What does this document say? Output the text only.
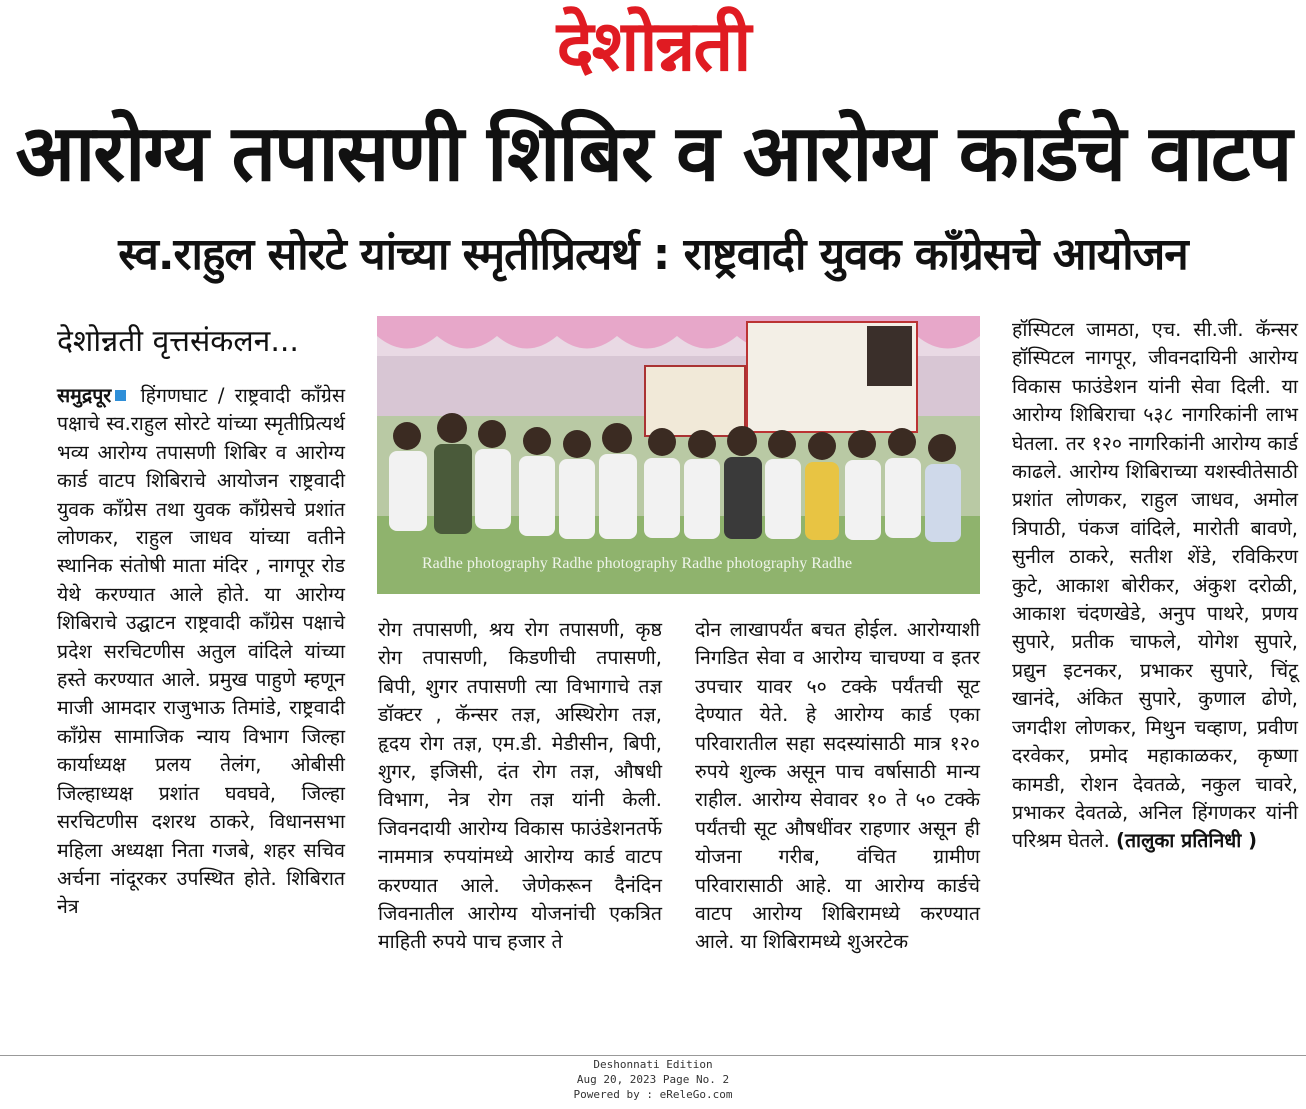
देशोन्नती
आरोग्य तपासणी शिबिर व आरोग्य कार्डचे वाटप
स्व.राहुल सोरटे यांच्या स्मृतीप्रित्यर्थ : राष्ट्रवादी युवक काँग्रेसचे आयोजन
देशोन्नती वृत्तसंकलन...

समुद्रपूर हिंगणघाट / राष्ट्रवादी काँग्रेस पक्षाचे स्व.राहुल सोरटे यांच्या स्मृतीप्रित्यर्थ भव्य आरोग्य तपासणी शिबिर व आरोग्य कार्ड वाटप शिबिराचे आयोजन राष्ट्रवादी युवक काँग्रेस तथा युवक काँग्रेसचे प्रशांत लोणकर, राहुल जाधव यांच्या वतीने स्थानिक संतोषी माता मंदिर , नागपूर रोड येथे करण्यात आले होते. या आरोग्य शिबिराचे उद्घाटन राष्ट्रवादी काँग्रेस पक्षाचे प्रदेश सरचिटणीस अतुल वांदिले यांच्या हस्ते करण्यात आले. प्रमुख पाहुणे म्हणून माजी आमदार राजुभाऊ तिमांडे, राष्ट्रवादी काँग्रेस सामाजिक न्याय विभाग जिल्हा कार्याध्यक्ष प्रलय तेलंग, ओबीसी जिल्हाध्यक्ष प्रशांत घवघवे, जिल्हा सरचिटणीस दशरथ ठाकरे, विधानसभा महिला अध्यक्षा निता गजबे, शहर सचिव अर्चना नांदूरकर उपस्थित होते. शिबिरात नेत्र

Radhe photography Radhe photography Radhe photography Radhe

रोग तपासणी, श्रय रोग तपासणी, कृष्ठ रोग तपासणी, किडणीची तपासणी, बिपी, शुगर तपासणी त्या विभागाचे तज्ञ डॉक्टर , कॅन्सर तज्ञ, अस्थिरोग तज्ञ, हृदय रोग तज्ञ, एम.डी. मेडीसीन, बिपी, शुगर, इजिसी, दंत रोग तज्ञ, औषधी विभाग, नेत्र रोग तज्ञ यांनी केली. जिवनदायी आरोग्य विकास फाउंडेशनतर्फे नाममात्र रुपयांमध्ये आरोग्य कार्ड वाटप करण्यात आले. जेणेकरून दैनंदिन जिवनातील आरोग्य योजनांची एकत्रित माहिती रुपये पाच हजार ते

दोन लाखापर्यंत बचत होईल. आरोग्याशी निगडित सेवा व आरोग्य चाचण्या व इतर उपचार यावर ५० टक्के पर्यंतची सूट देण्यात येते. हे आरोग्य कार्ड एका परिवारातील सहा सदस्यांसाठी मात्र १२० रुपये शुल्क असून पाच वर्षासाठी मान्य राहील. आरोग्य सेवावर १० ते ५० टक्के पर्यंतची सूट औषधींवर राहणार असून ही योजना गरीब, वंचित ग्रामीण परिवारासाठी आहे. या आरोग्य कार्डचे वाटप आरोग्य शिबिरामध्ये करण्यात आले. या शिबिरामध्ये शुअरटेक

हॉस्पिटल जामठा, एच. सी.जी. कॅन्सर हॉस्पिटल नागपूर, जीवनदायिनी आरोग्य विकास फाउंडेशन यांनी सेवा दिली. या आरोग्य शिबिराचा ५३८ नागरिकांनी लाभ घेतला. तर १२० नागरिकांनी आरोग्य कार्ड काढले. आरोग्य शिबिराच्या यशस्वीतेसाठी प्रशांत लोणकर, राहुल जाधव, अमोल त्रिपाठी, पंकज वांदिले, मारोती बावणे, सुनील ठाकरे, सतीश शेंडे, रविकिरण कुटे, आकाश बोरीकर, अंकुश दरोळी, आकाश चंदणखेडे, अनुप पाथरे, प्रणय सुपारे, प्रतीक चाफले, योगेश सुपारे, प्रद्युन इटनकर, प्रभाकर सुपारे, चिंटू खानंदे, अंकित सुपारे, कुणाल ढोणे, जगदीश लोणकर, मिथुन चव्हाण, प्रवीण दरवेकर, प्रमोद महाकाळकर, कृष्णा कामडी, रोशन देवतळे, नकुल चावरे, प्रभाकर देवतळे, अनिल हिंगणकर यांनी परिश्रम घेतले. (तालुका प्रतिनिधी )

Deshonnati Edition
Aug 20, 2023 Page No. 2
Powered by : eReleGo.com
